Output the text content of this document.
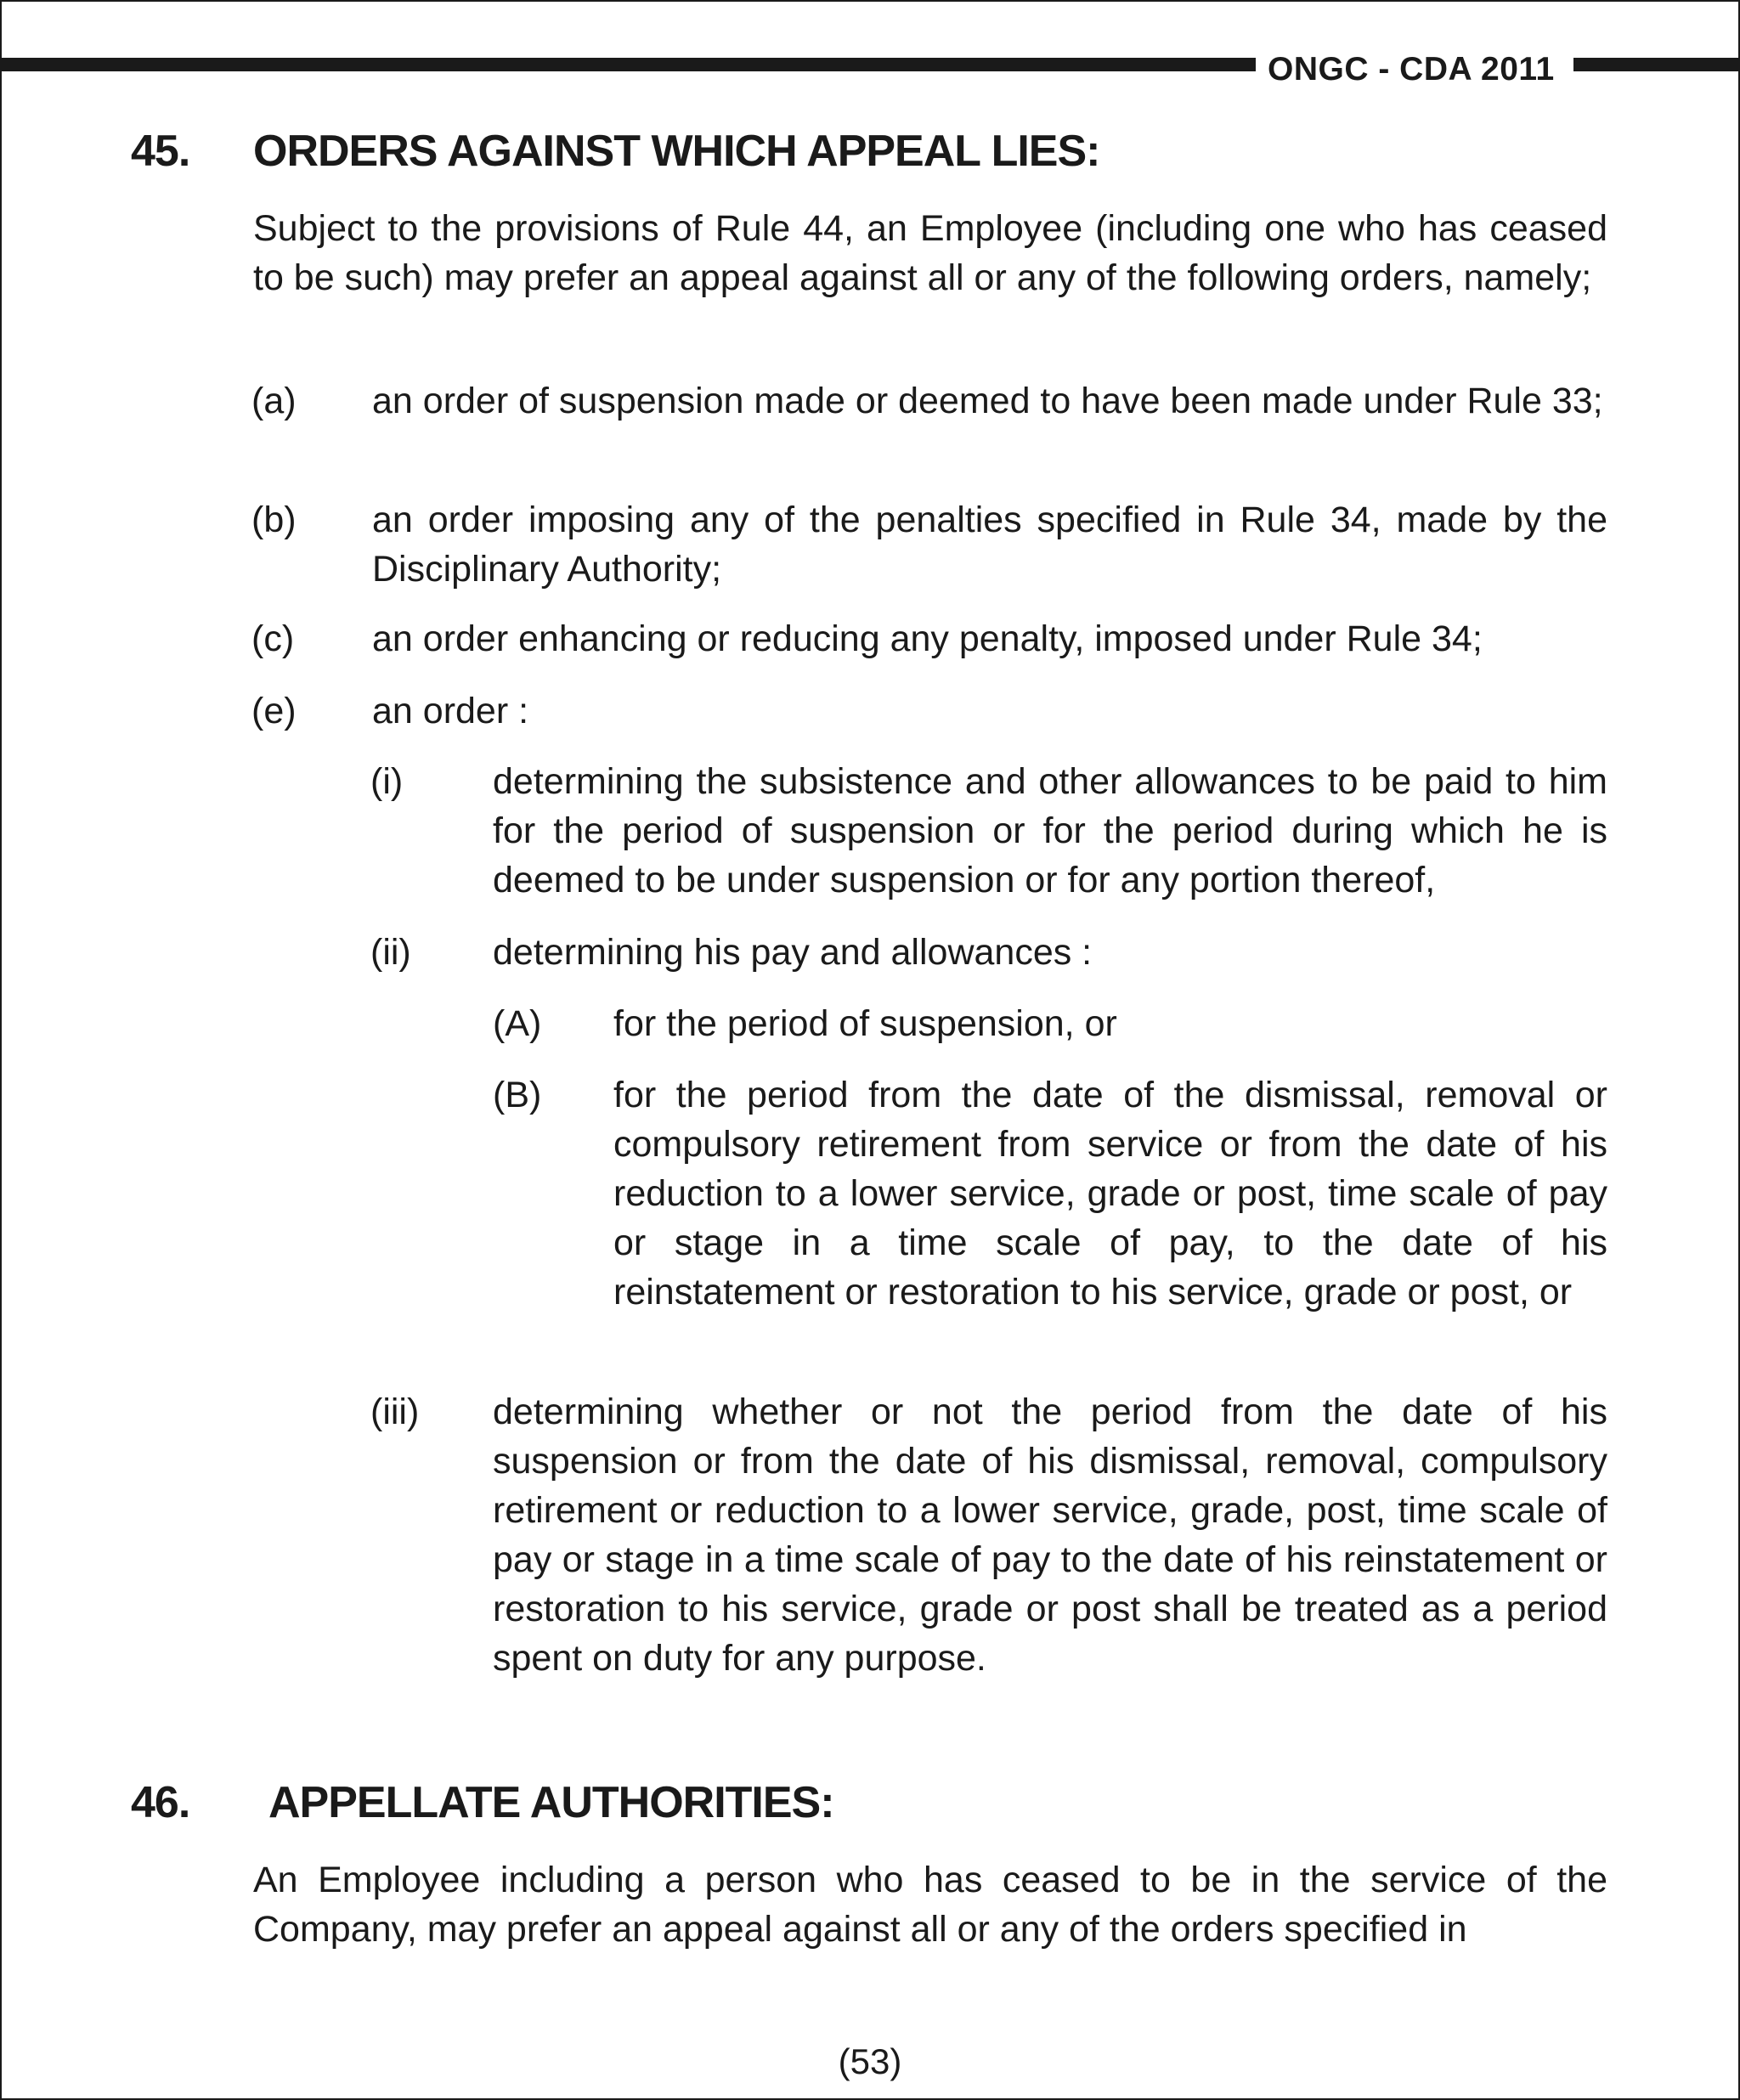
ONGC - CDA 2011
45. ORDERS AGAINST WHICH APPEAL LIES:
Subject to the provisions of Rule 44, an Employee (including one who has ceased to be such) may prefer an appeal against all or any of the following orders, namely;
(a) an order of suspension made or deemed to have been made under Rule 33;
(b) an order imposing any of the penalties specified in Rule 34, made by the Disciplinary Authority;
(c) an order enhancing or reducing any penalty, imposed under Rule 34;
(e) an order :
(i) determining the subsistence and other allowances to be paid to him for the period of suspension or for the period during which he is deemed to be under suspension or for any portion thereof,
(ii) determining his pay and allowances :
(A) for the period of suspension, or
(B) for the period from the date of the dismissal, removal or compulsory retirement from service or from the date of his reduction to a lower service, grade or post, time scale of pay or stage in a time scale of pay, to the date of his reinstatement or restoration to his service, grade or post, or
(iii) determining whether or not the period from the date of his suspension or from the date of his dismissal, removal, compulsory retirement or reduction to a lower service, grade, post, time scale of pay or stage in a time scale of pay to the date of his reinstatement or restoration to his service, grade or post shall be treated as a period spent on duty for any purpose.
46. APPELLATE AUTHORITIES:
An Employee including a person who has ceased to be in the service of the Company, may prefer an appeal against all or any of the orders specified in
(53)
